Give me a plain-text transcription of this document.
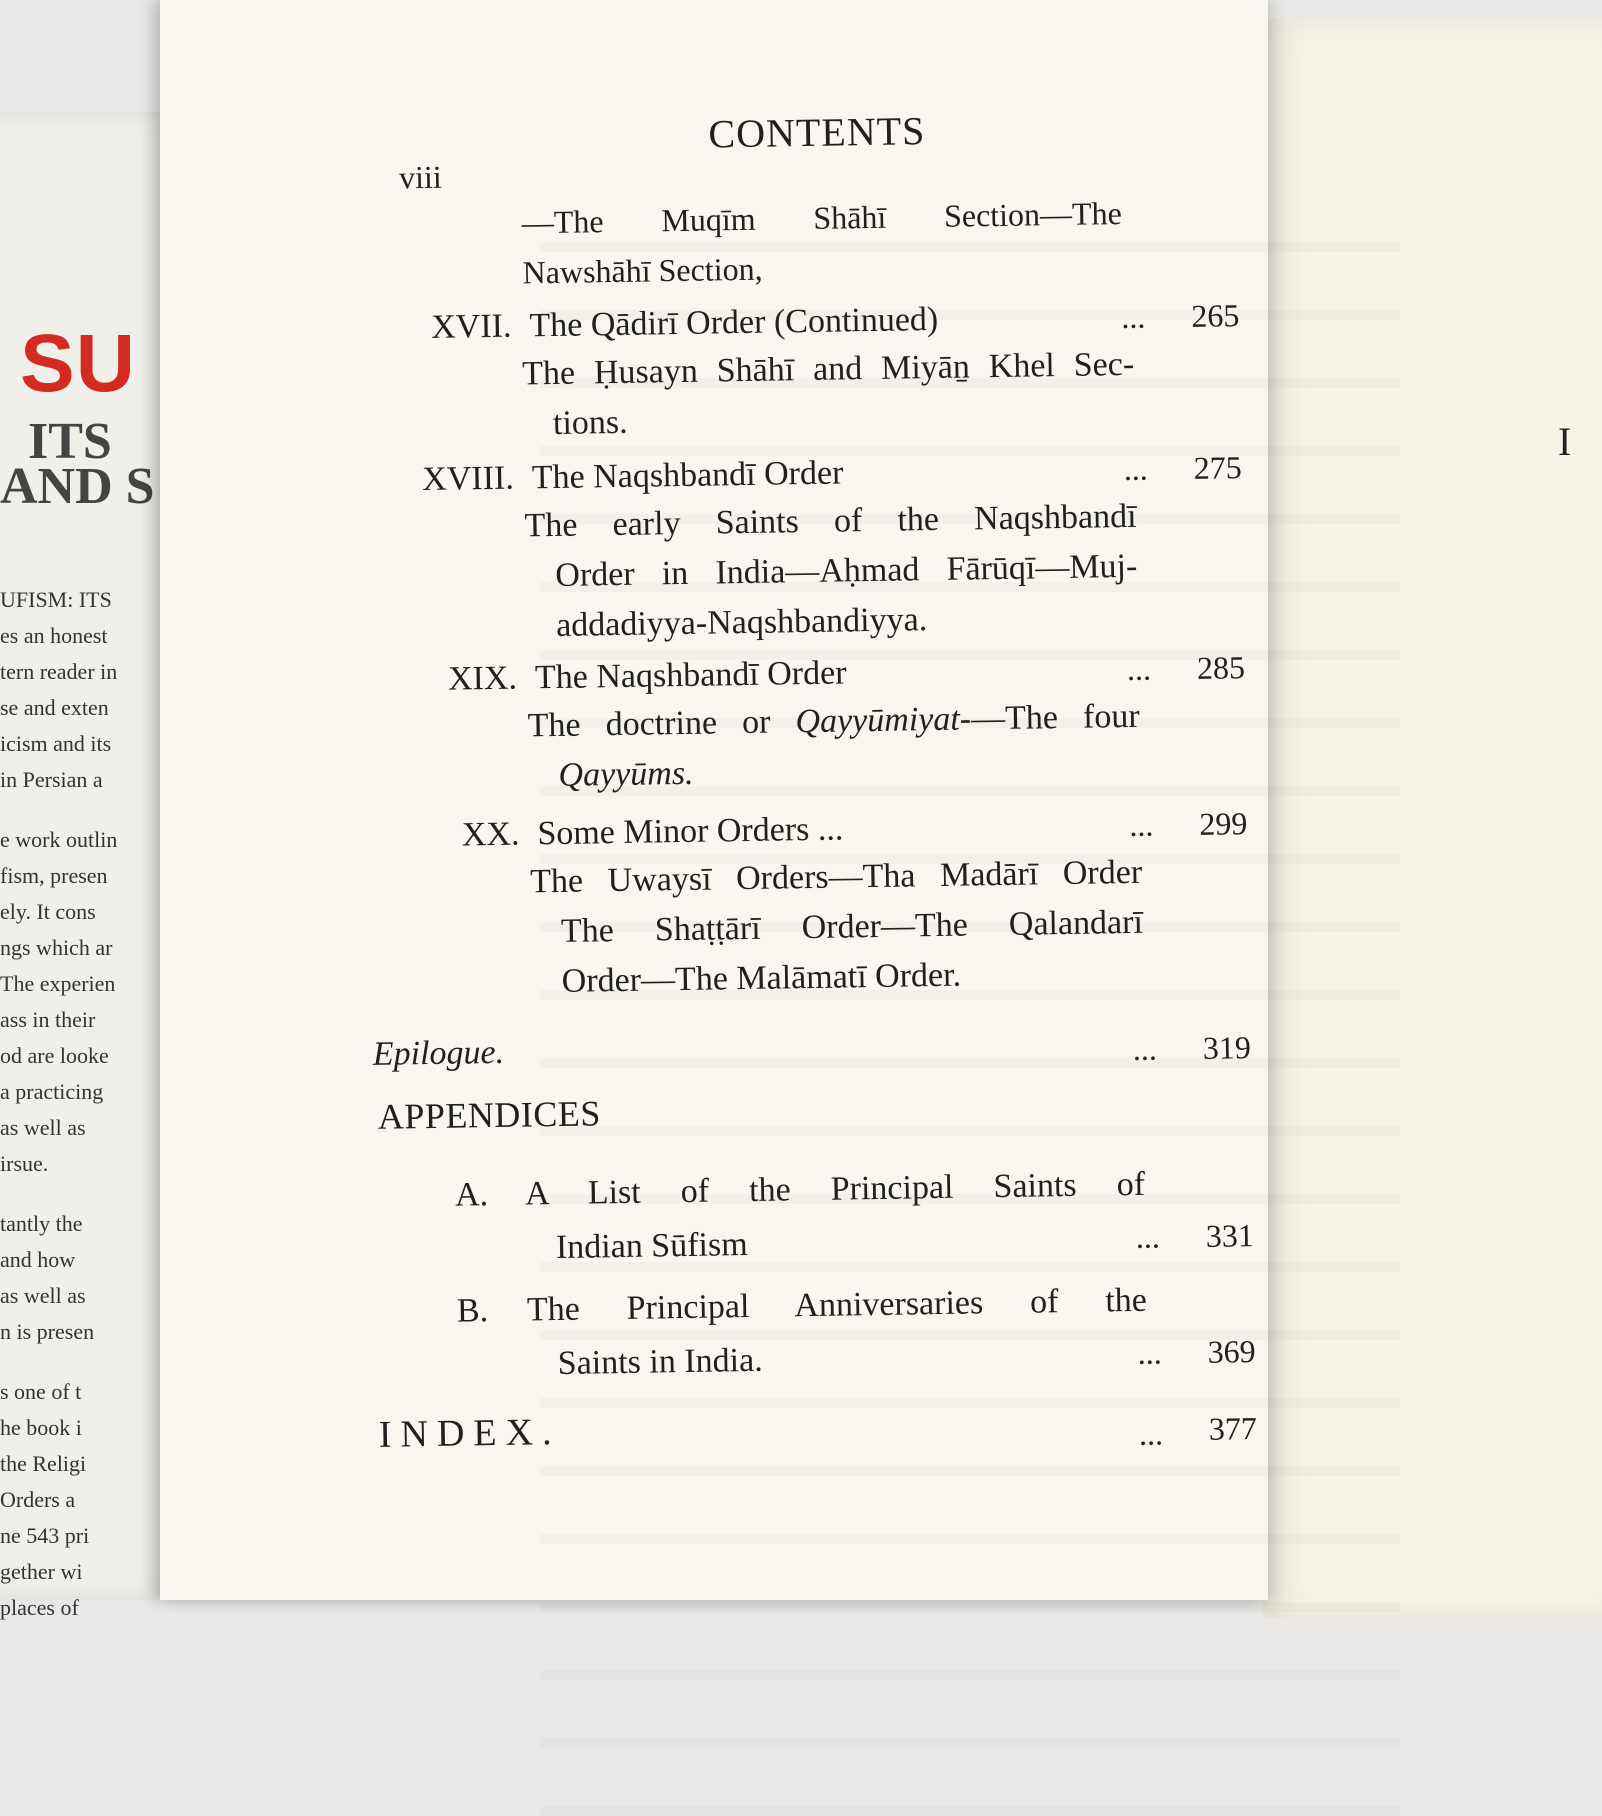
SU
ITS
AND S
UFISM: ITS
es an honest
tern reader in
se and exten
icism and its
in Persian a
e work outlin
fism, presen
ely. It cons
ngs which ar
The experien
ass in their
od are looke
a practicing
as well as
irsue.
tantly the
and how
as well as
n is presen
s one of t
he book i
the Religi
Orders a
ne 543 pri
gether wi
places of
I
CONTENTS
viii
—The Muqīm Shāhī Section—The
Nawshāhī Section,
XVII. The Qādirī Order (Continued)	... 265
The Ḥusayn Shāhī and Miyāṉ Khel Sec-
tions.
XVIII. The Naqshbandī Order	... 275
The early Saints of the Naqshbandī
Order in India—Aḥmad Fārūqī—Muj-
addadiyya-Naqshbandiyya.
XIX. The Naqshbandī Order	... 285
The doctrine or Qayyūmiyat-—The four
Qayyūms.
XX. Some Minor Orders ...	... 299
The Uwaysī Orders—Tha Madārī Order
The Shaṭṭārī Order—The Qalandarī
Order—The Malāmatī Order.
Epilogue.	... 319
APPENDICES
A. A List of the Principal Saints of
Indian Sūfism	... 331
B. The Principal Anniversaries of the
Saints in India.	... 369
INDEX.	... 377
